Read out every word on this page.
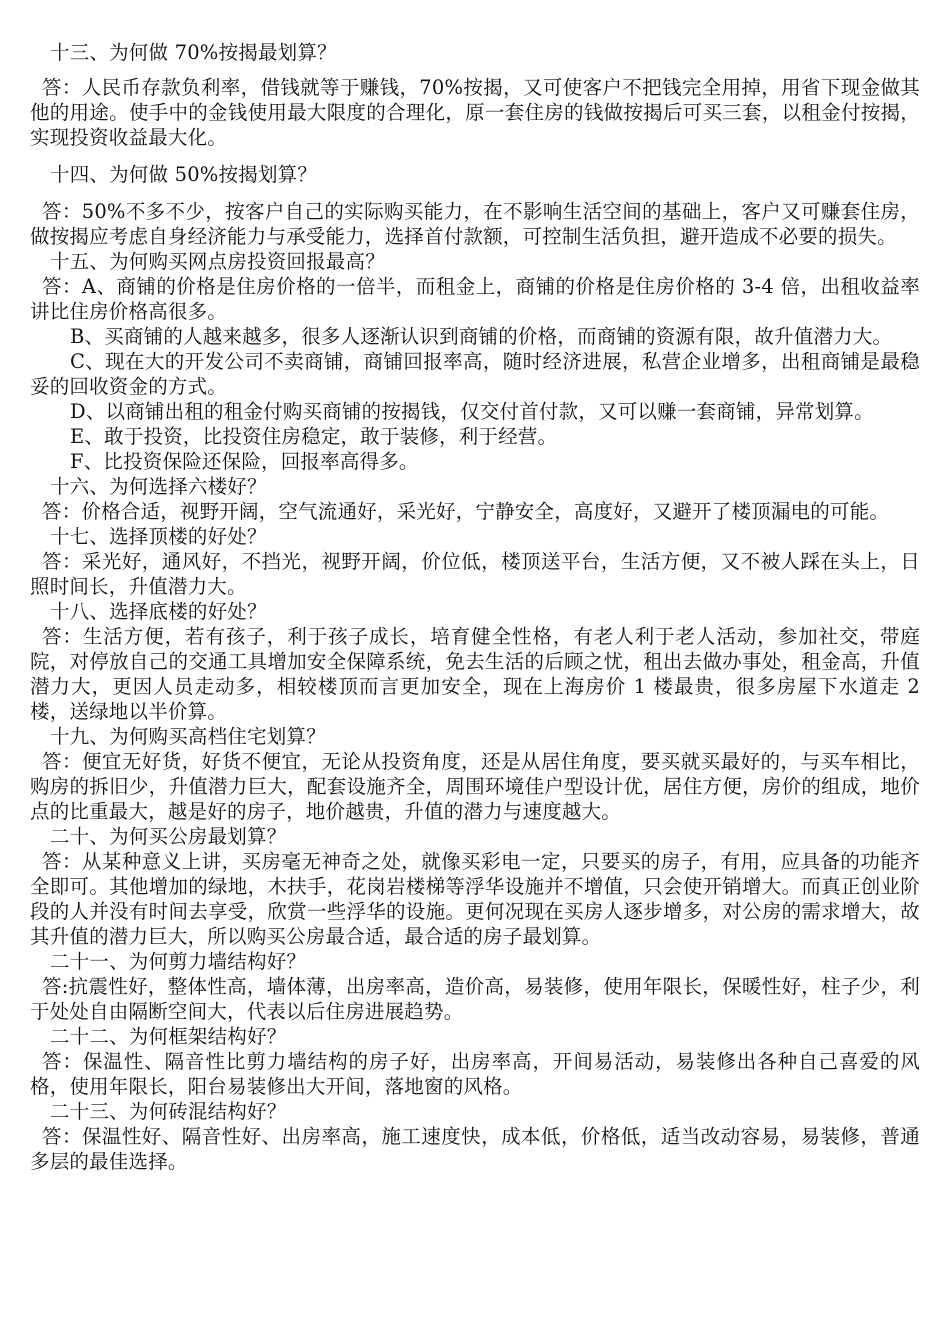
十三、为何做 70%按揭最划算？

答：人民币存款负利率，借钱就等于赚钱，70%按揭，又可使客户不把钱完全用掉，用省下现金做其他的用途。使手中的金钱使用最大限度的合理化，原一套住房的钱做按揭后可买三套，以租金付按揭，实现投资收益最大化。

十四、为何做 50%按揭划算？

答：50%不多不少，按客户自己的实际购买能力，在不影响生活空间的基础上，客户又可赚套住房，做按揭应考虑自身经济能力与承受能力，选择首付款额，可控制生活负担，避开造成不必要的损失。

十五、为何购买网点房投资回报最高？

答：A、商铺的价格是住房价格的一倍半，而租金上，商铺的价格是住房价格的 3-4 倍，出租收益率讲比住房价格高很多。

B、买商铺的人越来越多，很多人逐渐认识到商铺的价格，而商铺的资源有限，故升值潜力大。

C、现在大的开发公司不卖商铺，商铺回报率高，随时经济进展，私营企业增多，出租商铺是最稳妥的回收资金的方式。

D、以商铺出租的租金付购买商铺的按揭钱，仅交付首付款，又可以赚一套商铺，异常划算。

E、敢于投资，比投资住房稳定，敢于装修，利于经营。

F、比投资保险还保险，回报率高得多。

十六、为何选择六楼好？

答：价格合适，视野开阔，空气流通好，采光好，宁静安全，高度好，又避开了楼顶漏电的可能。

十七、选择顶楼的好处？

答：采光好，通风好，不挡光，视野开阔，价位低，楼顶送平台，生活方便，又不被人踩在头上，日照时间长，升值潜力大。

十八、选择底楼的好处？

答：生活方便，若有孩子，利于孩子成长，培育健全性格，有老人利于老人活动，参加社交，带庭院，对停放自己的交通工具增加安全保障系统，免去生活的后顾之忧，租出去做办事处，租金高，升值潜力大，更因人员走动多，相较楼顶而言更加安全，现在上海房价 1 楼最贵，很多房屋下水道走 2 楼，送绿地以半价算。

十九、为何购买高档住宅划算？

答：便宜无好货，好货不便宜，无论从投资角度，还是从居住角度，要买就买最好的，与买车相比，购房的拆旧少，升值潜力巨大，配套设施齐全，周围环境佳户型设计优，居住方便，房价的组成，地价点的比重最大，越是好的房子，地价越贵，升值的潜力与速度越大。

二十、为何买公房最划算？

答：从某种意义上讲，买房毫无神奇之处，就像买彩电一定，只要买的房子，有用，应具备的功能齐全即可。其他增加的绿地，木扶手，花岗岩楼梯等浮华设施并不增值，只会使开销增大。而真正创业阶段的人并没有时间去享受，欣赏一些浮华的设施。更何况现在买房人逐步增多，对公房的需求增大，故其升值的潜力巨大，所以购买公房最合适，最合适的房子最划算。

二十一、为何剪力墙结构好？

答:抗震性好，整体性高，墙体薄，出房率高，造价高，易装修，使用年限长，保暖性好，柱子少，利于处处自由隔断空间大，代表以后住房进展趋势。

二十二、为何框架结构好？

答：保温性、隔音性比剪力墙结构的房子好，出房率高，开间易活动，易装修出各种自己喜爱的风格，使用年限长，阳台易装修出大开间，落地窗的风格。

二十三、为何砖混结构好？

答：保温性好、隔音性好、出房率高，施工速度快，成本低，价格低，适当改动容易，易装修，普通多层的最佳选择。
